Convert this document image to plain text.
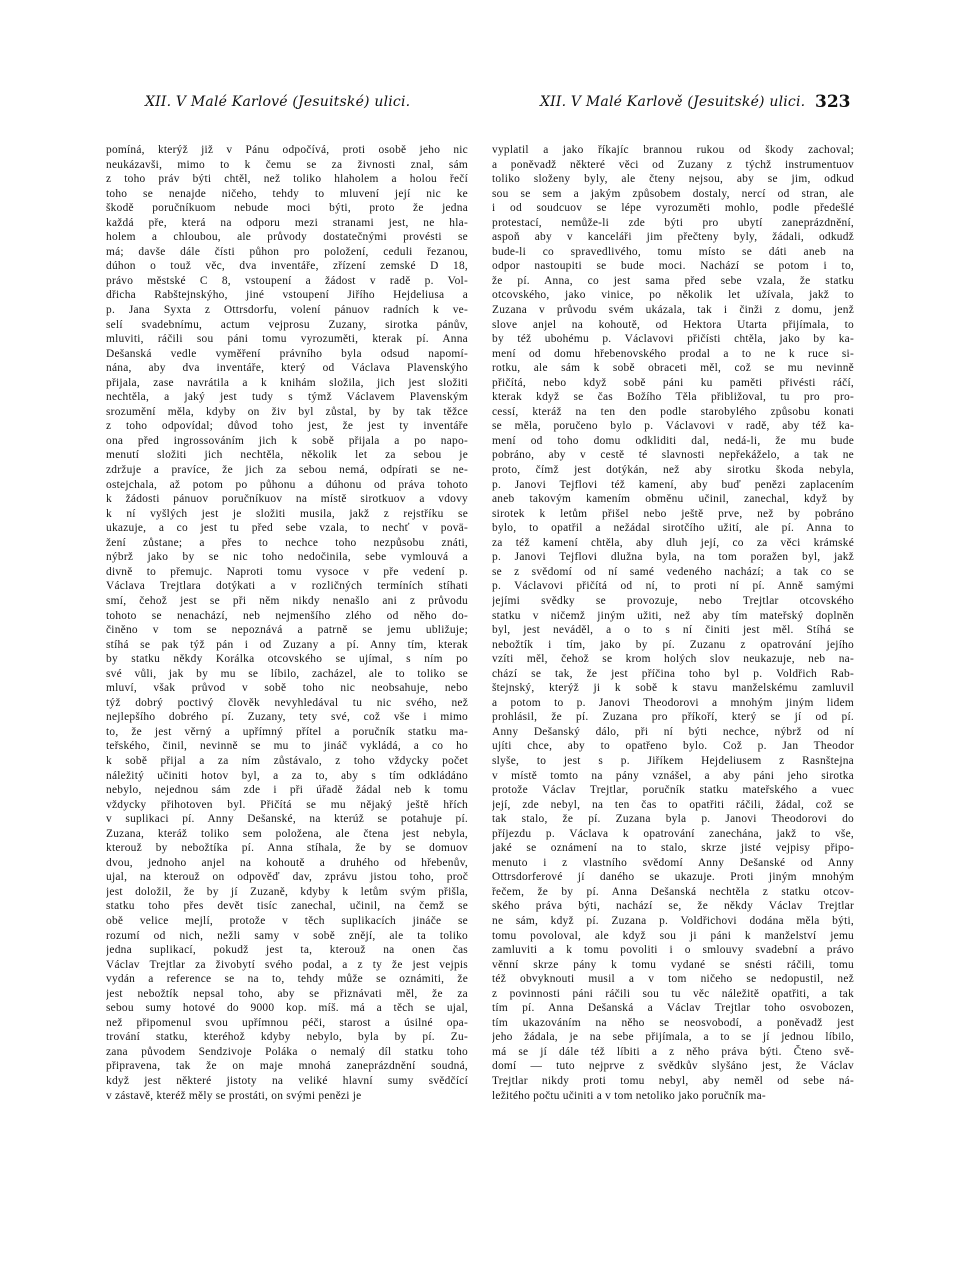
XII. V Malé Karlové (Jesuitské) ulici.	XII. V Malé Karlově (Jesuitské) ulici. 323
pomíná, kterýž již v Pánu odpočívá, proti osobě jeho nic
neukázavši, mimo to k čemu se za živnosti znal, sám
z toho práv býti chtěl, než toliko hlaholem a holou řečí
toho se nenajde ničeho, tehdy to mluvení její nic ke
škodě poručníkuom nebude moci býti, proto že jedna
každá pře, která na odporu mezi stranami jest, ne hla-
holem a chloubou, ale průvody dostatečnými provésti se
má; davše dále čísti půhon pro položení, ceduli řezanou,
dúhon o touž věc, dva inventáře, zřízení zemské D 18,
právo městské C 8, vstoupení a žádost v radě p. Vol-
dřicha Rabštejnskýho, jiné vstoupení Jiřího Hejdeliusa a
p. Jana Syxta z Ottrsdorfu, volení pánuov radních k ve-
selí svadebnímu, actum vejprosu Zuzany, sirotka pánův,
mluviti, ráčili sou páni tomu vyrozuměti, kterak pí. Anna
Dešanská vedle vyměření právního byla odsud napomí-
nána, aby dva inventáře, který od Václava Plavenskýho
přijala, zase navrátila a k knihám složila, jich jest složiti
nechtěla, a jaký jest tudy s týmž Václavem Plavenským
srozumění měla, kdyby on živ byl zůstal, by by tak těžce
z toho odpovídal; důvod toho jest, že jest ty inventáře
ona před ingrossováním jich k sobě přijala a po napo-
menutí složiti jich nechtěla, několik let za sebou je
zdržuje a pravíce, že jich za sebou nemá, odpírati se ne-
ostejchala, až potom po půhonu a dúhonu od práva tohoto
k žádosti pánuov poručníkuov na místě sirotkuov a vdovy
k ní vyšlých jest je složiti musila, jakž z rejstříku se
ukazuje, a co jest tu před sebe vzala, to nechť v povä-
žení zůstane; a přes to nechce toho nezpůsobu znáti,
nýbrž jako by se nic toho nedočinila, sebe vymlouvá a
divně to přemujc. Naproti tomu vysoce v pře vedení p.
Václava Trejtlara dotýkati a v rozličných termíních stíhati
smí, čehož jest se při něm nikdy nenašlo ani z průvodu
tohoto se nenachází, neb nejmenšího zlého od něho do-
činěno v tom se nepoznává a patrně se jemu ubližuje;
stíhá se pak týž pán i od Zuzany a pí. Anny tím, kterak
by statku někdy Korálka otcovského se ujímal, s ním po
své vůli, jak by mu se líbilo, zacházel, ale to toliko se
mluví, však průvod v sobě toho nic neobsahuje, nebo
týž dobrý poctivý člověk nevyhledával tu nic svého, než
nejlepšího dobrého pí. Zuzany, tety své, což vše i mimo
to, že jest věrný a upřímný přítel a poručník statku ma-
teřského, činil, nevinně se mu to jináč vykládá, a co ho
k sobě přijal a za ním zůstávalo, z toho vždycky počet
náležitý učiniti hotov byl, a za to, aby s tím odkládáno
nebylo, nejednou sám zde i při úřadě žádal neb k tomu
vždycky přihotoven byl. Přičítá se mu nějaký ještě hřích
v suplikaci pí. Anny Dešanské, na kterúž se potahuje pí.
Zuzana, kteráž toliko sem položena, ale čtena jest nebyla,
kterouž by nebožtíka pí. Anna stíhala, že by se domuov
dvou, jednoho anjel na kohoutě a druhého od hřebenův,
ujal, na kterouž on odpověď dav, zprávu jistou toho, proč
jest doložil, že by jí Zuzaně, kdyby k letům svým přišla,
statku toho přes devět tisíc zanechal, učinil, na čemž se
obě velice mejlí, protože v těch suplikacích jináče se
rozumí od nich, nežli samy v sobě znějí, ale ta toliko
jedna suplikací, pokudž jest ta, kterouž na onen čas
Václav Trejtlar za živobytí svého podal, a z ty že jest vejpis
vydán a reference se na to, tehdy může se oznámiti, že
jest nebožtík nepsal toho, aby se přiznávati měl, že za
sebou sumy hotové do 9000 kop. míš. má a těch se ujal,
než připomenul svou upřímnou péči, starost a úsilné opa-
trování statku, kteréhož kdyby nebylo, byla by pí. Zu-
zana původem Sendzivoje Poláka o nemalý díl statku toho
připravena, tak že on maje mnohá zaneprázdnění soudná,
když jest některé jistoty na veliké hlavní sumy svědčící
v zástavě, kteréž měly se prostáti, on svými penězi je
vyplatil a jako říkajíc brannou rukou od škody zachoval;
a poněvadž některé věci od Zuzany z týchž instrumentuov
toliko složeny byly, ale čteny nejsou, aby se jim, odkud
sou se sem a jakým způsobem dostaly, nercí od stran, ale
i od soudcuov se lépe vyrozuměti mohlo, podle předešlé
protestací, nemůže-li zde býti pro ubytí zaneprázdnění,
aspoň aby v kanceláři jim přečteny byly, žádali, odkudž
bude-li co spravedlivého, tomu místo se dáti aneb na
odpor nastoupiti se bude moci. Nachází se potom i to,
že pí. Anna, co jest sama před sebe vzala, že statku
otcovského, jako vinice, po několik let užívala, jakž to
Zuzana v průvodu svém ukázala, tak i činži z domu, jenž
slove anjel na kohoutě, od Hektora Utarta přijímala, to
by též ubohému p. Václavovi přičísti chtěla, jako by ka-
mení od domu hřebenovského prodal a to ne k ruce si-
rotku, ale sám k sobě obraceti měl, což se mu nevinně
přičítá, nebo když sobě páni ku paměti přivésti ráčí,
kterak když se čas Božího Těla přibližoval, tu pro pro-
cessí, kteráž na ten den podle starobylého způsobu konati
se měla, poručeno bylo p. Václavovi v radě, aby též ka-
mení od toho domu odkliditi dal, nedá-li, že mu bude
pobráno, aby v cestě té slavnosti nepřekáželo, a tak ne
proto, čímž jest dotýkán, než aby sirotku škoda nebyla,
p. Janovi Tejflovi též kamení, aby buď penězi zaplacením
aneb takovým kamením obměnu učinil, zanechal, když by
sirotek k letům přišel nebo ještě prve, než by pobráno
bylo, to opatřil a nežádal sirotčího užití, ale pí. Anna to
za též kamení chtěla, aby dluh její, co za věci krámské
p. Janovi Tejflovi dlužna byla, na tom poražen byl, jakž
se z svědomí od ní samé vedeného nachází; a tak co se
p. Václavovi přičítá od ní, to proti ní pí. Anně samými
jejími svědky se provozuje, nebo Trejtlar otcovského
statku v ničemž jiným užiti, než aby tím mateřský doplněn
byl, jest neváděl, a o to s ní činiti jest měl. Stíhá se
nebožtík i tím, jako by pí. Zuzanu z opatrování jejího
vzíti měl, čehož se krom holých slov neukazuje, neb na-
chází se tak, že jest příčina toho byl p. Voldřich Rab-
štejnský, kterýž ji k sobě k stavu manželskému zamluvil
a potom to p. Janovi Theodorovi a mnohým jiným lidem
prohlásil, že pí. Zuzana pro příkoří, který se jí od pí.
Anny Dešanský dálo, při ní býti nechce, nýbrž od ní
ujíti chce, aby to opatřeno bylo. Což p. Jan Theodor
slyše, to jest s p. Jiříkem Hejdeliusem z Rasnštejna
v místě tomto na pány vznášel, a aby páni jeho sirotka
protože Václav Trejtlar, poručník statku mateřského a vuec
její, zde nebyl, na ten čas to opatřiti ráčili, žádal, což se
tak stalo, že pí. Zuzana byla p. Janovi Theodorovi do
příjezdu p. Václava k opatrování zanechána, jakž to vše,
jaké se oznámení na to stalo, skrze jisté vejpisy připo-
menuto i z vlastního svědomí Anny Dešanské od Anny
Ottrsdorferové jí daného se ukazuje. Proti jiným mnohým
řečem, že by pí. Anna Dešanská nechtěla z statku otcov-
ského práva býti, nachází se, že někdy Václav Trejtlar
ne sám, když pí. Zuzana p. Voldřichovi dodána měla býti,
tomu povoloval, ale když sou ji páni k manželství jemu
zamluviti a k tomu povoliti i o smlouvy svadební a právo
věnní skrze pány k tomu vydané se snésti ráčili, tomu
též obvyknouti musil a v tom ničeho se nedopustil, než
z povinnosti páni ráčili sou tu věc náležitě opatřiti, a tak
tím pí. Anna Dešanská a Václav Trejtlar toho osvobozen,
tím ukazováním na něho se neosvobodí, a poněvadž jest
jeho žádala, je na sebe přijímala, a to se jí jednou líbilo,
má se jí dále též líbiti a z něho práva býti. Čteno svě-
domí — tuto nejprve z svědkův slyšáno jest, že Václav
Trejtlar nikdy proti tomu nebyl, aby neměl od sebe ná-
ležitého počtu učiniti a v tom netoliko jako poručník ma-
